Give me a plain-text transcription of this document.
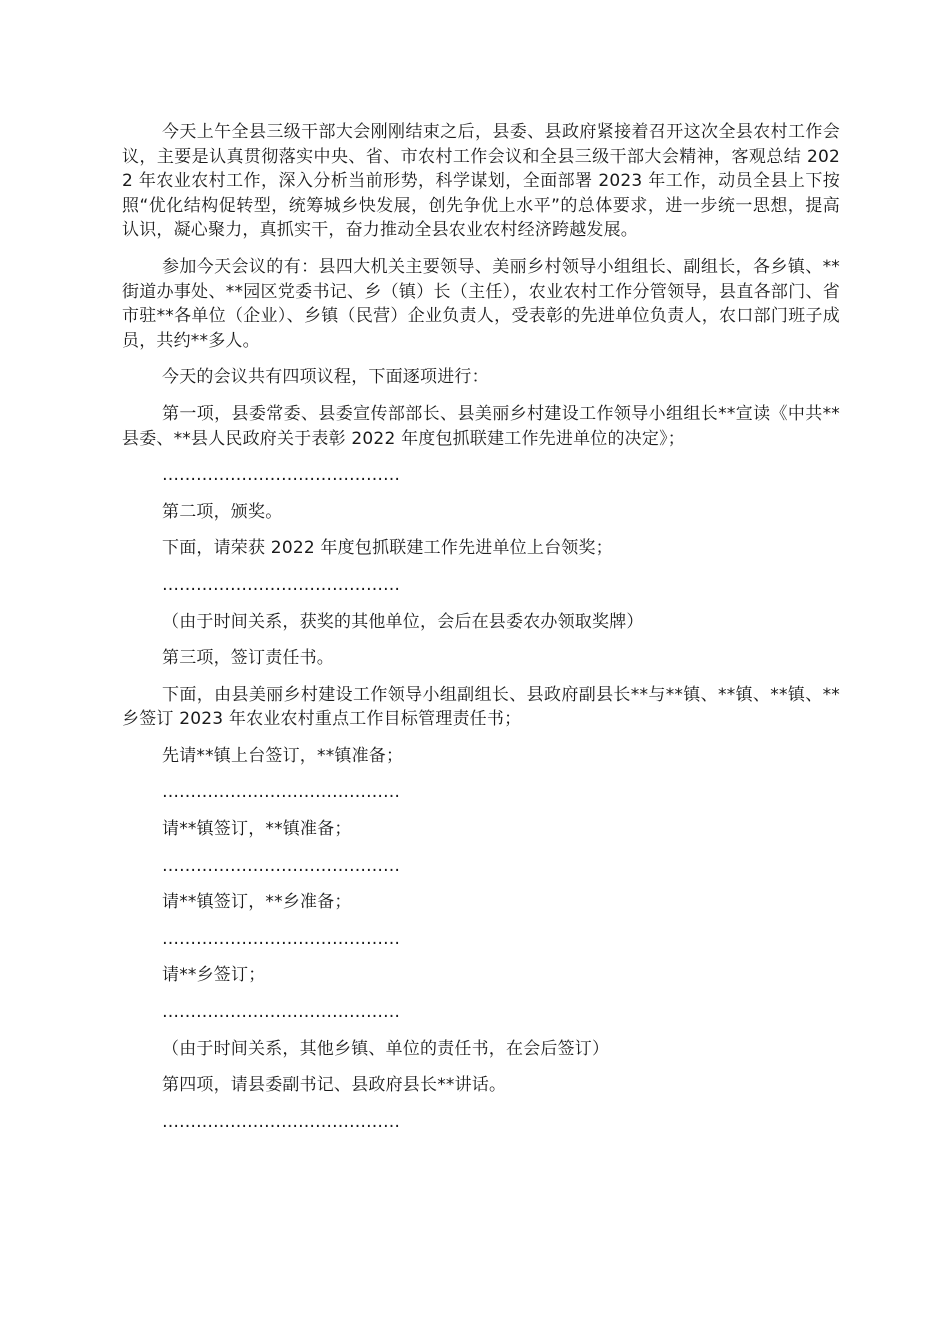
今天上午全县三级干部大会刚刚结束之后，县委、县政府紧接着召开这次全县农村工作会议，主要是认真贯彻落实中央、省、市农村工作会议和全县三级干部大会精神，客观总结 2022 年农业农村工作，深入分析当前形势，科学谋划，全面部署 2023 年工作，动员全县上下按照“优化结构促转型，统筹城乡快发展，创先争优上水平”的总体要求，进一步统一思想，提高认识，凝心聚力，真抓实干，奋力推动全县农业农村经济跨越发展。

参加今天会议的有：县四大机关主要领导、美丽乡村领导小组组长、副组长，各乡镇、**街道办事处、**园区党委书记、乡（镇）长（主任），农业农村工作分管领导，县直各部门、省市驻**各单位（企业）、乡镇（民营）企业负责人，受表彰的先进单位负责人，农口部门班子成员，共约**多人。

今天的会议共有四项议程，下面逐项进行：

第一项，县委常委、县委宣传部部长、县美丽乡村建设工作领导小组组长**宣读《中共**县委、**县人民政府关于表彰 2022 年度包抓联建工作先进单位的决定》；

……………………………………

第二项，颁奖。

下面，请荣获 2022 年度包抓联建工作先进单位上台领奖；

……………………………………

（由于时间关系，获奖的其他单位，会后在县委农办领取奖牌）

第三项，签订责任书。

下面，由县美丽乡村建设工作领导小组副组长、县政府副县长**与**镇、**镇、**镇、**乡签订 2023 年农业农村重点工作目标管理责任书；

先请**镇上台签订，**镇准备；

……………………………………

请**镇签订，**镇准备；

……………………………………

请**镇签订，**乡准备；

……………………………………

请**乡签订；

……………………………………

（由于时间关系，其他乡镇、单位的责任书，在会后签订）

第四项，请县委副书记、县政府县长**讲话。

……………………………………
